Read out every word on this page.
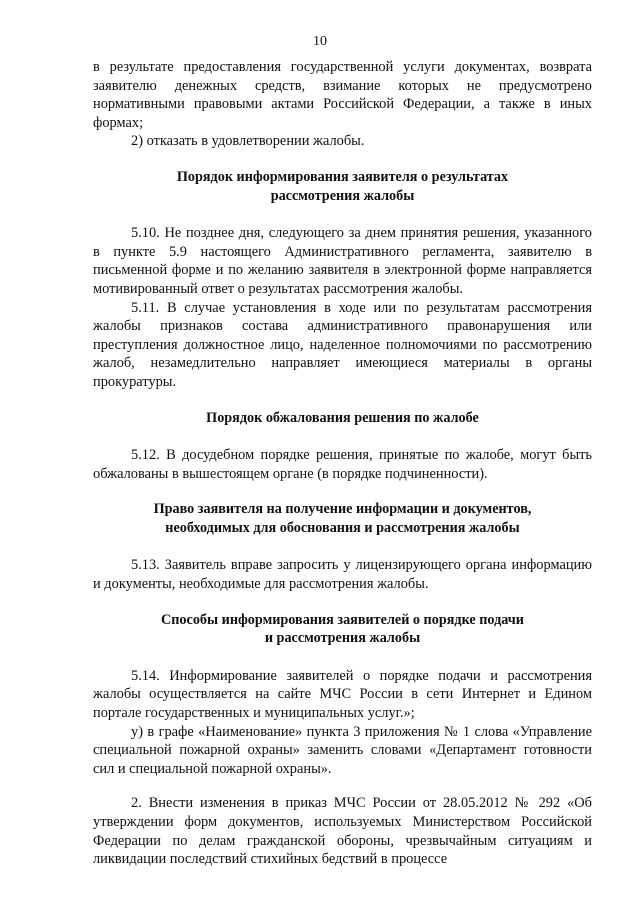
10

в результате предоставления государственной услуги документах, возврата заявителю денежных средств, взимание которых не предусмотрено нормативными правовыми актами Российской Федерации, а также в иных формах;

2) отказать в удовлетворении жалобы.

Порядок информирования заявителя о результатах

рассмотрения жалобы

5.10. Не позднее дня, следующего за днем принятия решения, указанного в пункте 5.9 настоящего Административного регламента, заявителю в письменной форме и по желанию заявителя в электронной форме направляется мотивированный ответ о результатах рассмотрения жалобы.

5.11. В случае установления в ходе или по результатам рассмотрения жалобы признаков состава административного правонарушения или преступления должностное лицо, наделенное полномочиями по рассмотрению жалоб, незамедлительно направляет имеющиеся материалы в органы прокуратуры.

Порядок обжалования решения по жалобе

5.12. В досудебном порядке решения, принятые по жалобе, могут быть обжалованы в вышестоящем органе (в порядке подчиненности).

Право заявителя на получение информации и документов,

необходимых для обоснования и рассмотрения жалобы

5.13. Заявитель вправе запросить у лицензирующего органа информацию и документы, необходимые для рассмотрения жалобы.

Способы информирования заявителей о порядке подачи

и рассмотрения жалобы

5.14. Информирование заявителей о порядке подачи и рассмотрения жалобы осуществляется на сайте МЧС России в сети Интернет и Едином портале государственных и муниципальных услуг.»;

у) в графе «Наименование» пункта 3 приложения № 1 слова «Управление специальной пожарной охраны» заменить словами «Департамент готовности сил и специальной пожарной охраны».

2. Внести изменения в приказ МЧС России от 28.05.2012 № 292 «Об утверждении форм документов, используемых Министерством Российской Федерации по делам гражданской обороны, чрезвычайным ситуациям и ликвидации последствий стихийных бедствий в процессе
